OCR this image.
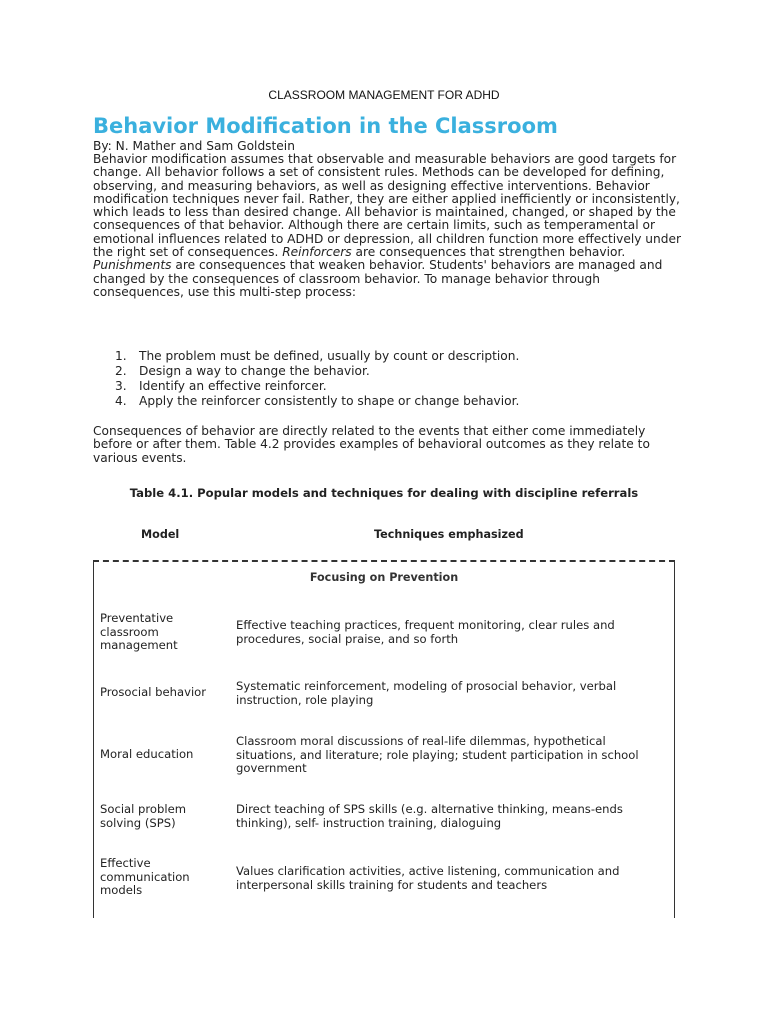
CLASSROOM MANAGEMENT FOR ADHD
Behavior Modification in the Classroom
By: N. Mather and Sam Goldstein
Behavior modification assumes that observable and measurable behaviors are good targets for change. All behavior follows a set of consistent rules. Methods can be developed for defining, observing, and measuring behaviors, as well as designing effective interventions. Behavior modification techniques never fail. Rather, they are either applied inefficiently or inconsistently, which leads to less than desired change. All behavior is maintained, changed, or shaped by the consequences of that behavior. Although there are certain limits, such as temperamental or emotional influences related to ADHD or depression, all children function more effectively under the right set of consequences. Reinforcers are consequences that strengthen behavior. Punishments are consequences that weaken behavior. Students' behaviors are managed and changed by the consequences of classroom behavior. To manage behavior through consequences, use this multi-step process:
1. The problem must be defined, usually by count or description.
2. Design a way to change the behavior.
3. Identify an effective reinforcer.
4. Apply the reinforcer consistently to shape or change behavior.
Consequences of behavior are directly related to the events that either come immediately before or after them. Table 4.2 provides examples of behavioral outcomes as they relate to various events.
Table 4.1. Popular models and techniques for dealing with discipline referrals
Model	Techniques emphasized
Focusing on Prevention
Preventative classroom management
Effective teaching practices, frequent monitoring, clear rules and procedures, social praise, and so forth
Prosocial behavior	Systematic reinforcement, modeling of prosocial behavior, verbal instruction, role playing
Moral education
Classroom moral discussions of real-life dilemmas, hypothetical situations, and literature; role playing; student participation in school government
Social problem solving (SPS)
Direct teaching of SPS skills (e.g. alternative thinking, means-ends thinking), self- instruction training, dialoguing
Effective communication models
Values clarification activities, active listening, communication and interpersonal skills training for students and teachers
